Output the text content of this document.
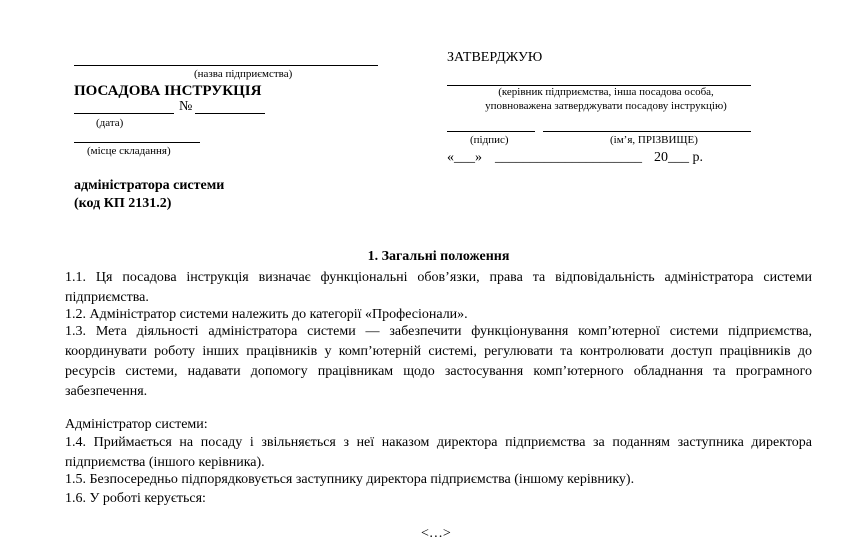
(назва підприємства)
ПОСАДОВА ІНСТРУКЦІЯ
№
(дата)
(місце складання)
адміністратора системи
(код КП 2131.2)
ЗАТВЕРДЖУЮ
(керівник підприємства, інша посадова особа,
уповноважена затверджувати посадову інструкцію)
(підпис)	(ім’я, ПРІЗВИЩЕ)
«___» _____________________ 20___ р.
1. Загальні положення
1.1. Ця посадова інструкція визначає функціональні обов’язки, права та відповідальність адміністратора системи підприємства.
1.2. Адміністратор системи належить до категорії «Професіонали».
1.3. Мета діяльності адміністратора системи — забезпечити функціонування комп’ютерної системи підприємства, координувати роботу інших працівників у комп’ютерній системі, регулювати та контролювати доступ працівників до ресурсів системи, надавати допомогу працівникам щодо застосування комп’ютерного обладнання та програмного забезпечення.
Адміністратор системи:
1.4. Приймається на посаду і звільняється з неї наказом директора підприємства за поданням заступника директора підприємства (іншого керівника).
1.5. Безпосередньо підпорядковується заступнику директора підприємства (іншому керівнику).
1.6. У роботі керується:
<…>
